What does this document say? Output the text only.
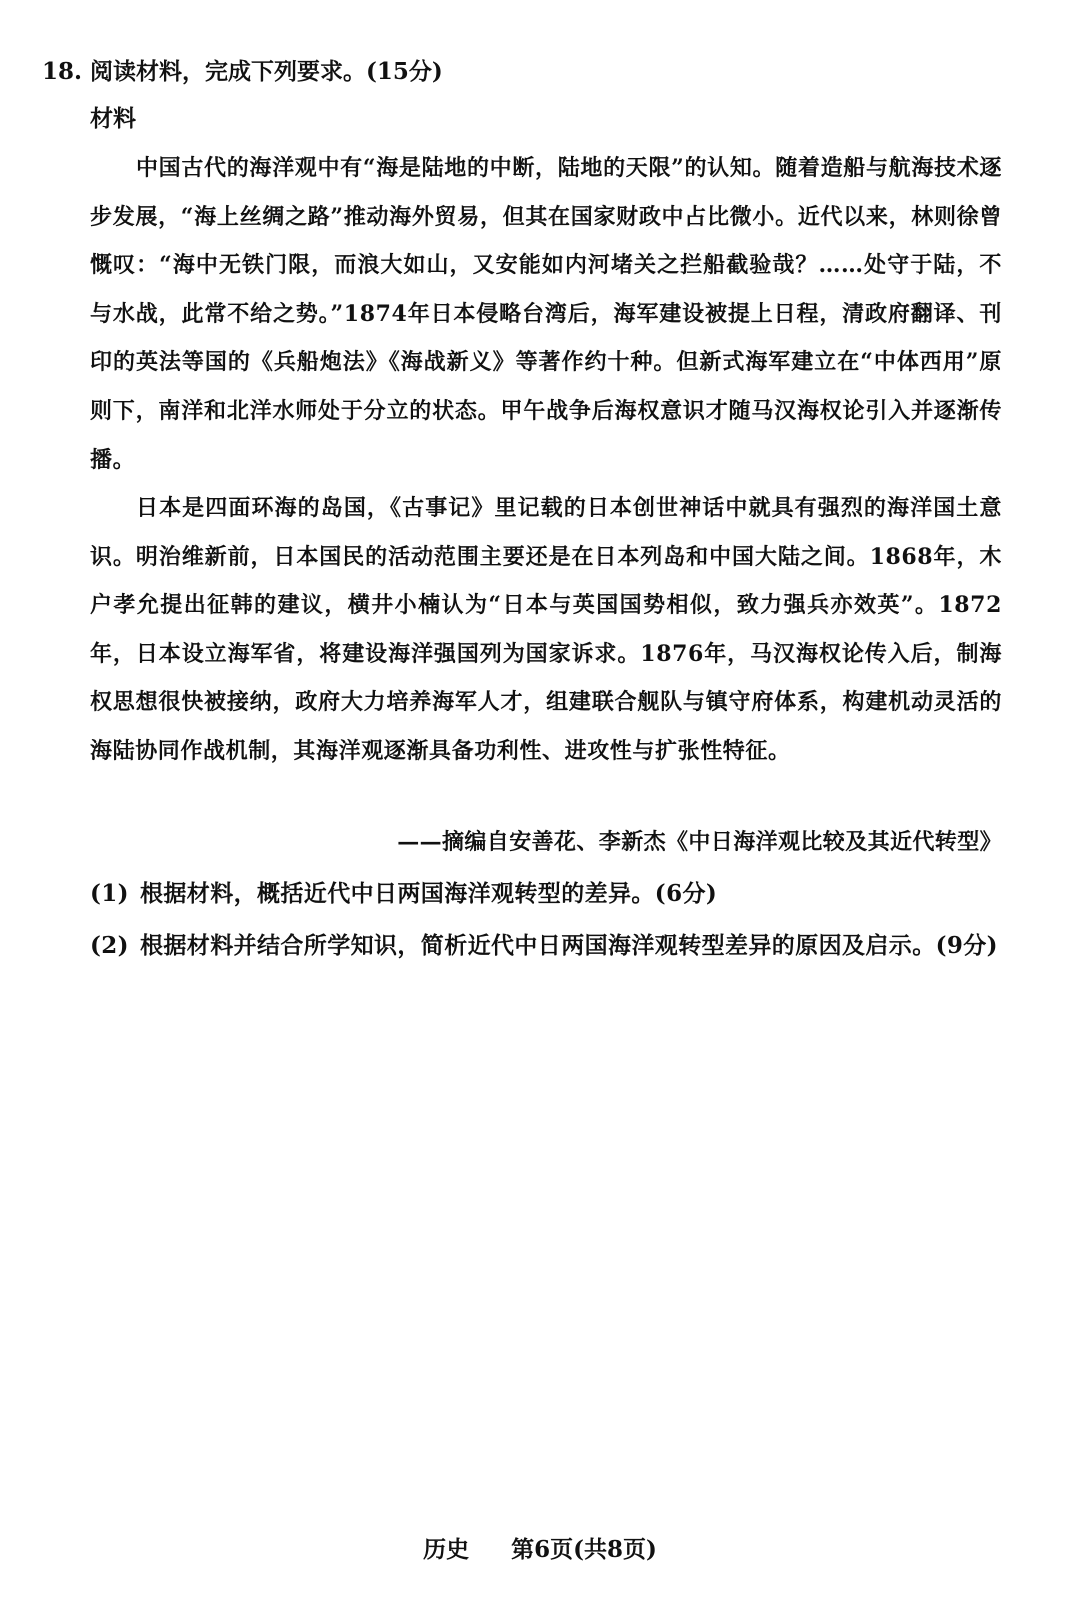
18. 阅读材料，完成下列要求。(15分)
材料
中国古代的海洋观中有“海是陆地的中断，陆地的天限”的认知。随着造船与航海技术逐步发展，“海上丝绸之路”推动海外贸易，但其在国家财政中占比微小。近代以来，林则徐曾慨叹：“海中无铁门限，而浪大如山，又安能如内河堵关之拦船截验哉？……处守于陆，不与水战，此常不给之势。”1874年日本侵略台湾后，海军建设被提上日程，清政府翻译、刊印的英法等国的《兵船炮法》《海战新义》等著作约十种。但新式海军建立在“中体西用”原则下，南洋和北洋水师处于分立的状态。甲午战争后海权意识才随马汉海权论引入并逐渐传播。
日本是四面环海的岛国，《古事记》里记载的日本创世神话中就具有强烈的海洋国土意识。明治维新前，日本国民的活动范围主要还是在日本列岛和中国大陆之间。1868年，木户孝允提出征韩的建议，横井小楠认为“日本与英国国势相似，致力强兵亦效英”。1872年，日本设立海军省，将建设海洋强国列为国家诉求。1876年，马汉海权论传入后，制海权思想很快被接纳，政府大力培养海军人才，组建联合舰队与镇守府体系，构建机动灵活的海陆协同作战机制，其海洋观逐渐具备功利性、进攻性与扩张性特征。
——摘编自安善花、李新杰《中日海洋观比较及其近代转型》
(1) 根据材料，概括近代中日两国海洋观转型的差异。(6分)
(2) 根据材料并结合所学知识，简析近代中日两国海洋观转型差异的原因及启示。(9分)
历史 第6页(共8页)
